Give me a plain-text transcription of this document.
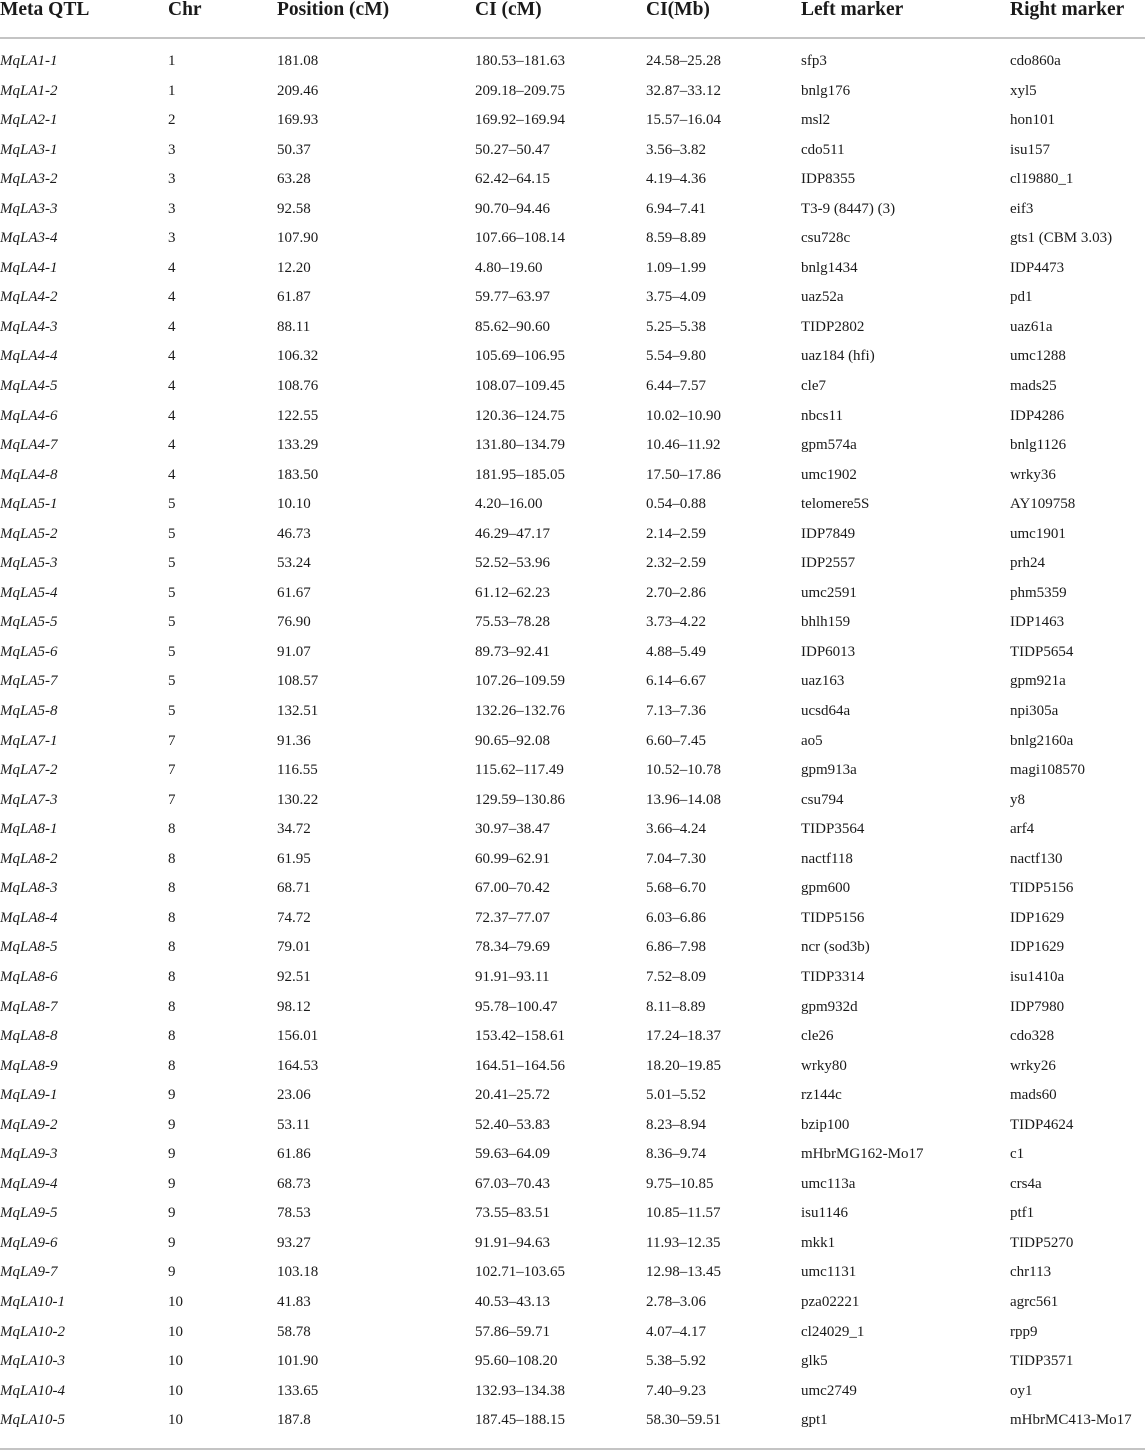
Meta QTL	Chr	Position (cM)	CI (cM)	CI(Mb)	Left marker	Right marker
MqLA1-1	1	181.08	180.53–181.63	24.58–25.28	sfp3	cdo860a
MqLA1-2	1	209.46	209.18–209.75	32.87–33.12	bnlg176	xyl5
MqLA2-1	2	169.93	169.92–169.94	15.57–16.04	msl2	hon101
MqLA3-1	3	50.37	50.27–50.47	3.56–3.82	cdo511	isu157
MqLA3-2	3	63.28	62.42–64.15	4.19–4.36	IDP8355	cl19880_1
MqLA3-3	3	92.58	90.70–94.46	6.94–7.41	T3-9 (8447) (3)	eif3
MqLA3-4	3	107.90	107.66–108.14	8.59–8.89	csu728c	gts1 (CBM 3.03)
MqLA4-1	4	12.20	4.80–19.60	1.09–1.99	bnlg1434	IDP4473
MqLA4-2	4	61.87	59.77–63.97	3.75–4.09	uaz52a	pd1
MqLA4-3	4	88.11	85.62–90.60	5.25–5.38	TIDP2802	uaz61a
MqLA4-4	4	106.32	105.69–106.95	5.54–9.80	uaz184 (hfi)	umc1288
MqLA4-5	4	108.76	108.07–109.45	6.44–7.57	cle7	mads25
MqLA4-6	4	122.55	120.36–124.75	10.02–10.90	nbcs11	IDP4286
MqLA4-7	4	133.29	131.80–134.79	10.46–11.92	gpm574a	bnlg1126
MqLA4-8	4	183.50	181.95–185.05	17.50–17.86	umc1902	wrky36
MqLA5-1	5	10.10	4.20–16.00	0.54–0.88	telomere5S	AY109758
MqLA5-2	5	46.73	46.29–47.17	2.14–2.59	IDP7849	umc1901
MqLA5-3	5	53.24	52.52–53.96	2.32–2.59	IDP2557	prh24
MqLA5-4	5	61.67	61.12–62.23	2.70–2.86	umc2591	phm5359
MqLA5-5	5	76.90	75.53–78.28	3.73–4.22	bhlh159	IDP1463
MqLA5-6	5	91.07	89.73–92.41	4.88–5.49	IDP6013	TIDP5654
MqLA5-7	5	108.57	107.26–109.59	6.14–6.67	uaz163	gpm921a
MqLA5-8	5	132.51	132.26–132.76	7.13–7.36	ucsd64a	npi305a
MqLA7-1	7	91.36	90.65–92.08	6.60–7.45	ao5	bnlg2160a
MqLA7-2	7	116.55	115.62–117.49	10.52–10.78	gpm913a	magi108570
MqLA7-3	7	130.22	129.59–130.86	13.96–14.08	csu794	y8
MqLA8-1	8	34.72	30.97–38.47	3.66–4.24	TIDP3564	arf4
MqLA8-2	8	61.95	60.99–62.91	7.04–7.30	nactf118	nactf130
MqLA8-3	8	68.71	67.00–70.42	5.68–6.70	gpm600	TIDP5156
MqLA8-4	8	74.72	72.37–77.07	6.03–6.86	TIDP5156	IDP1629
MqLA8-5	8	79.01	78.34–79.69	6.86–7.98	ncr (sod3b)	IDP1629
MqLA8-6	8	92.51	91.91–93.11	7.52–8.09	TIDP3314	isu1410a
MqLA8-7	8	98.12	95.78–100.47	8.11–8.89	gpm932d	IDP7980
MqLA8-8	8	156.01	153.42–158.61	17.24–18.37	cle26	cdo328
MqLA8-9	8	164.53	164.51–164.56	18.20–19.85	wrky80	wrky26
MqLA9-1	9	23.06	20.41–25.72	5.01–5.52	rz144c	mads60
MqLA9-2	9	53.11	52.40–53.83	8.23–8.94	bzip100	TIDP4624
MqLA9-3	9	61.86	59.63–64.09	8.36–9.74	mHbrMG162-Mo17	c1
MqLA9-4	9	68.73	67.03–70.43	9.75–10.85	umc113a	crs4a
MqLA9-5	9	78.53	73.55–83.51	10.85–11.57	isu1146	ptf1
MqLA9-6	9	93.27	91.91–94.63	11.93–12.35	mkk1	TIDP5270
MqLA9-7	9	103.18	102.71–103.65	12.98–13.45	umc1131	chr113
MqLA10-1	10	41.83	40.53–43.13	2.78–3.06	pza02221	agrc561
MqLA10-2	10	58.78	57.86–59.71	4.07–4.17	cl24029_1	rpp9
MqLA10-3	10	101.90	95.60–108.20	5.38–5.92	glk5	TIDP3571
MqLA10-4	10	133.65	132.93–134.38	7.40–9.23	umc2749	oy1
MqLA10-5	10	187.8	187.45–188.15	58.30–59.51	gpt1	mHbrMC413-Mo17
